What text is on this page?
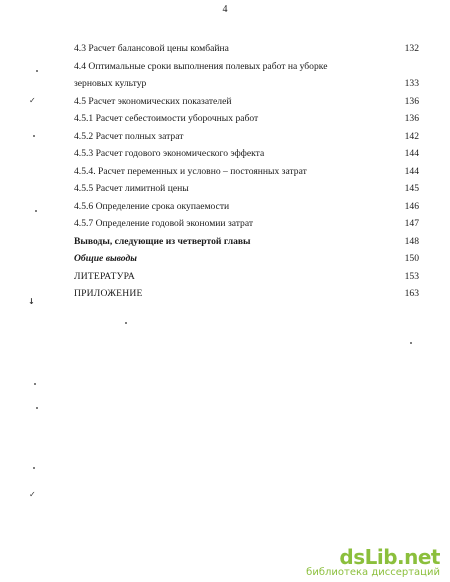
4
4.3 Расчет балансовой цены комбайна	132
4.4 Оптимальные сроки выполнения полевых работ на уборке зерновых культур	133
4.5 Расчет экономических показателей	136
4.5.1 Расчет себестоимости уборочных работ	136
4.5.2 Расчет полных затрат	142
4.5.3 Расчет годового экономического эффекта	144
4.5.4. Расчет переменных и условно – постоянных затрат	144
4.5.5 Расчет лимитной цены	145
4.5.6 Определение срока окупаемости	146
4.5.7 Определение годовой экономии затрат	147
Выводы, следующие из четвертой главы	148
Общие выводы	150
ЛИТЕРАТУРА	153
ПРИЛОЖЕНИЕ	163
✓
↓
✓
dsLib.net
библиотека диссертаций
